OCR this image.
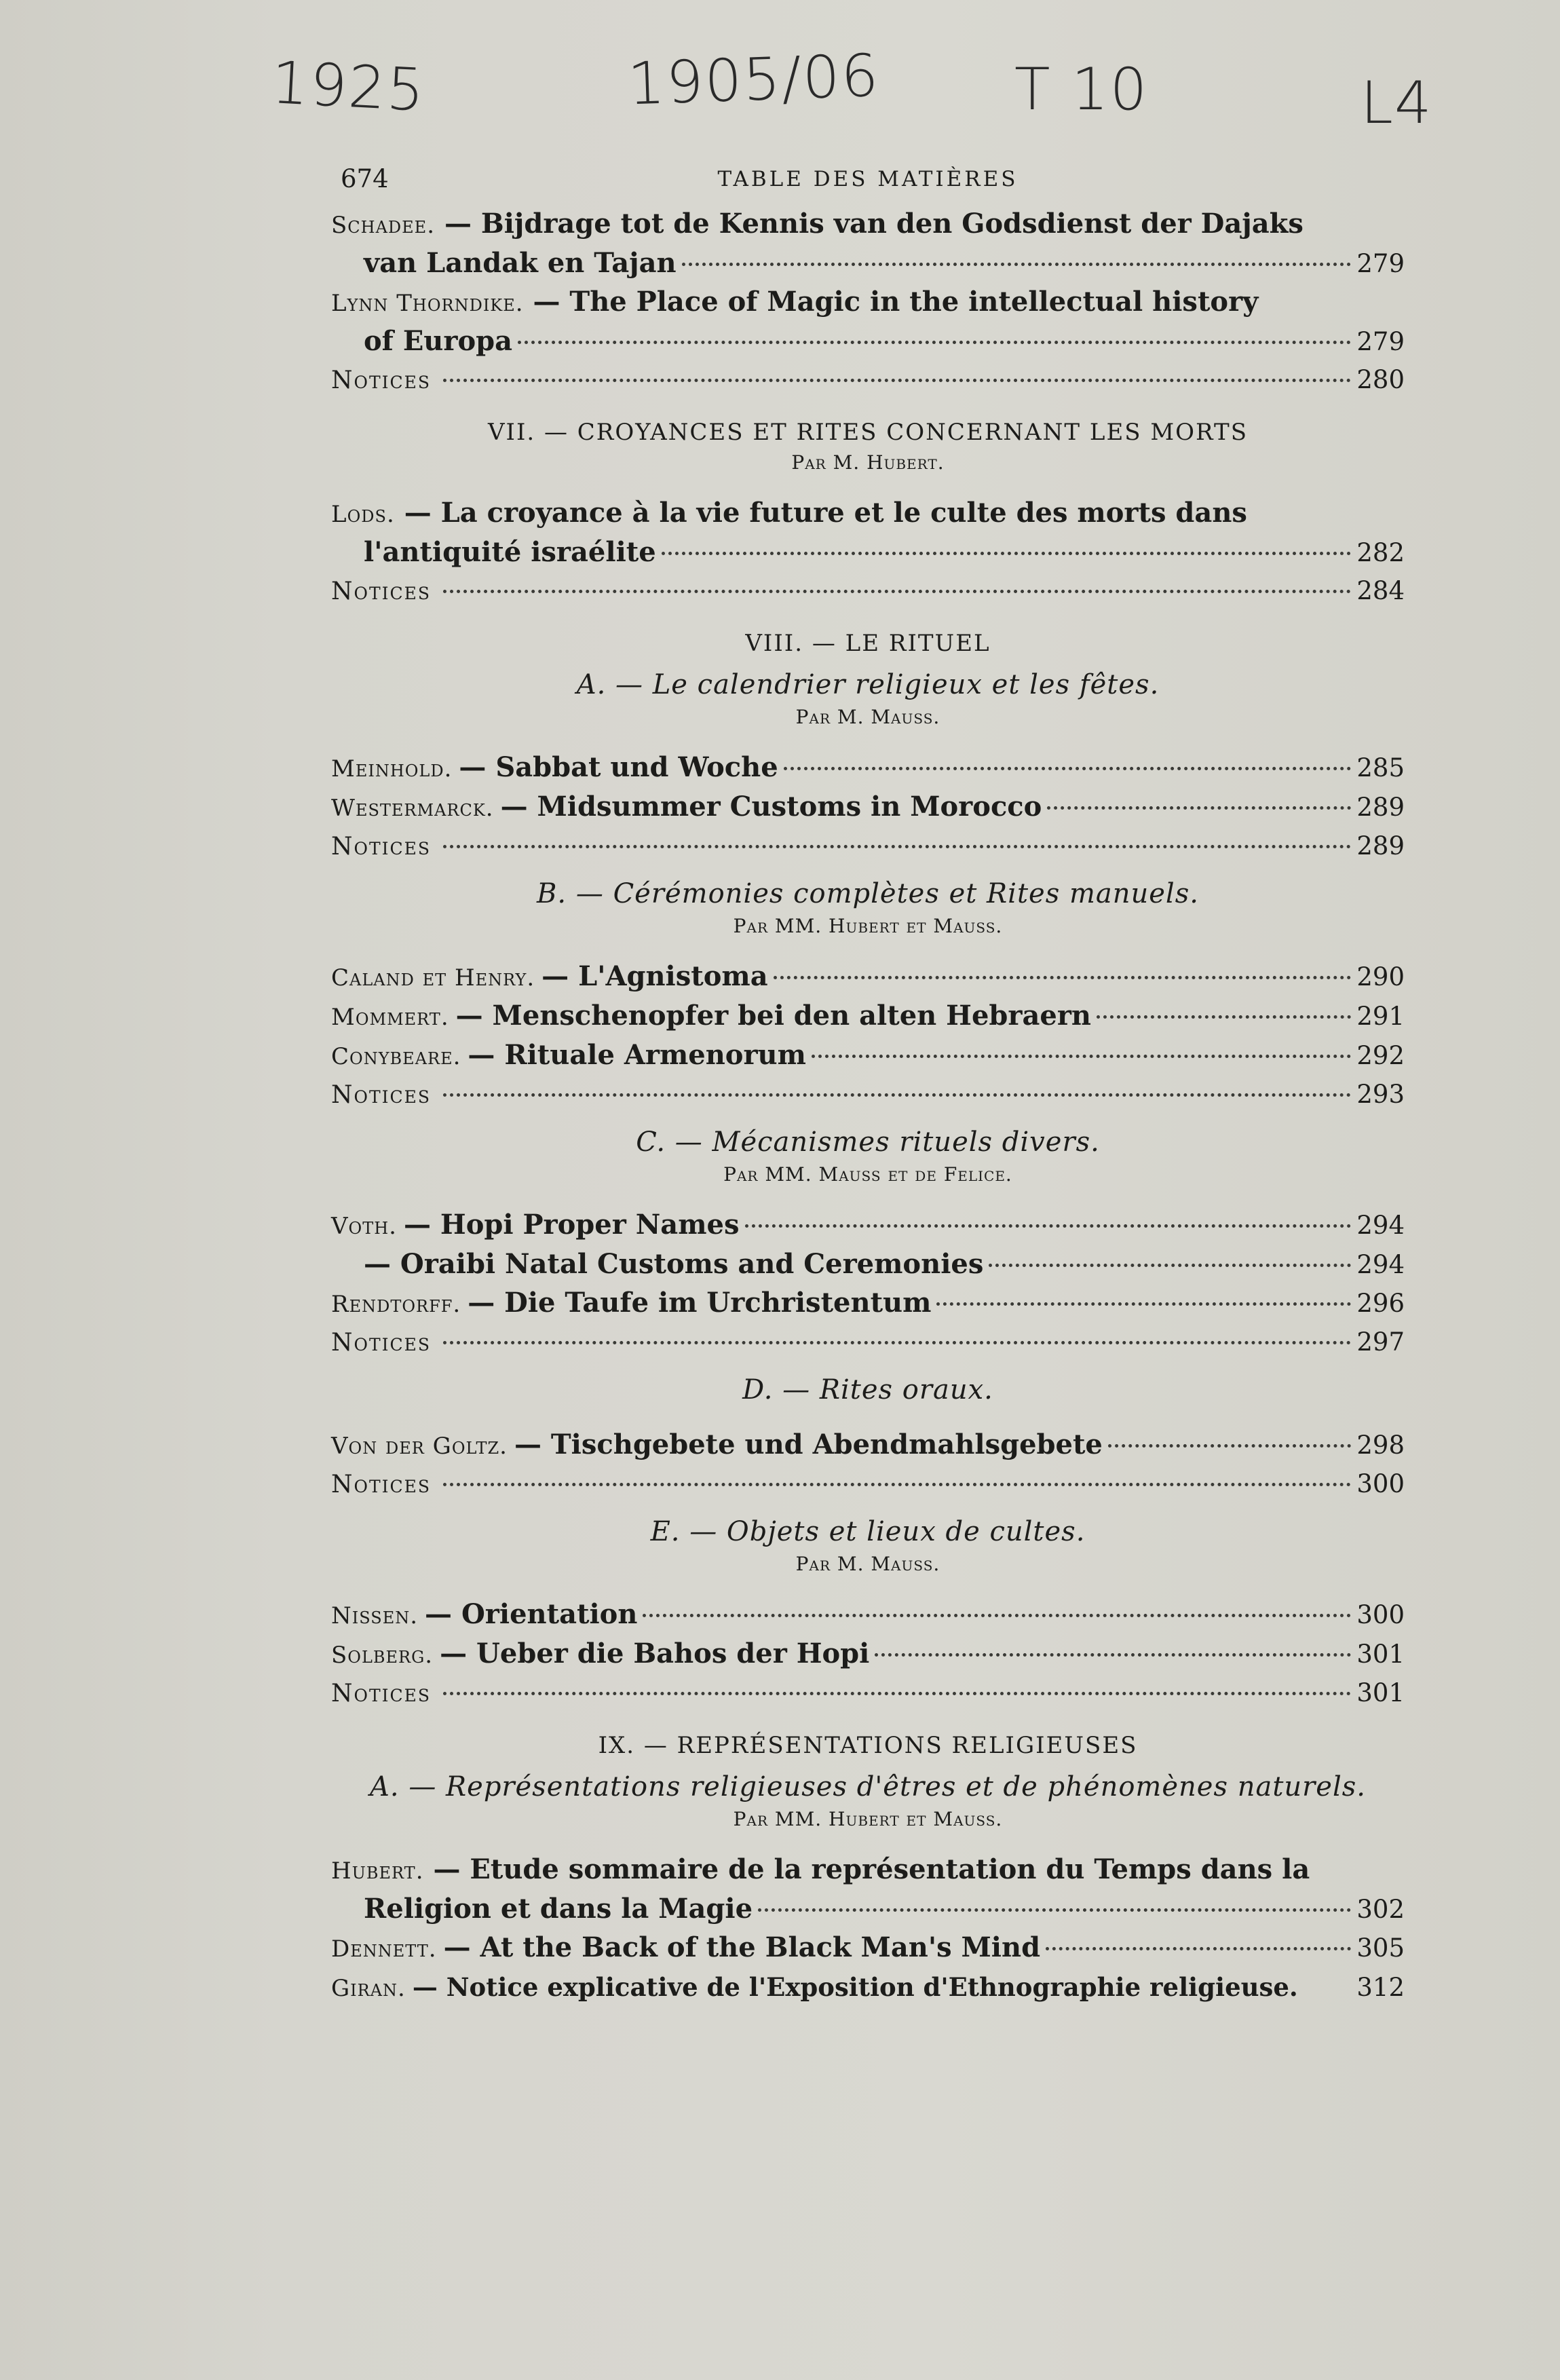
1925	1905/06 T 10	L4
674	TABLE DES MATIÈRES
Schadee. — Bijdrage tot de Kennis van den Godsdienst der Dajaks
van Landak en Tajan	279
Lynn Thorndike. — The Place of Magic in the intellectual history
of Europa	279
Notices	280
VII. — CROYANCES ET RITES CONCERNANT LES MORTS
Par M. Hubert.
Lods. — La croyance à la vie future et le culte des morts dans
l'antiquité israélite	282
Notices	284
VIII. — LE RITUEL
A. — Le calendrier religieux et les fêtes.
Par M. Mauss.
Meinhold. — Sabbat und Woche	285
Westermarck. — Midsummer Customs in Morocco	289
Notices	289
B. — Cérémonies complètes et Rites manuels.
Par MM. Hubert et Mauss.
Caland et Henry. — L'Agnistoma	290
Mommert. — Menschenopfer bei den alten Hebraern	291
Conybeare. — Rituale Armenorum	292
Notices	293
C. — Mécanismes rituels divers.
Par MM. Mauss et de Felice.
Voth. — Hopi Proper Names	294
— Oraibi Natal Customs and Ceremonies	294
Rendtorff. — Die Taufe im Urchristentum	296
Notices	297
D. — Rites oraux.
Von der Goltz. — Tischgebete und Abendmahlsgebete	298
Notices	300
E. — Objets et lieux de cultes.
Par M. Mauss.
Nissen. — Orientation	300
Solberg. — Ueber die Bahos der Hopi	301
Notices	301
IX. — REPRÉSENTATIONS RELIGIEUSES
A. — Représentations religieuses d'êtres et de phénomènes naturels.
Par MM. Hubert et Mauss.
Hubert. — Etude sommaire de la représentation du Temps dans la
Religion et dans la Magie	302
Dennett. — At the Back of the Black Man's Mind	305
Giran. — Notice explicative de l'Exposition d'Ethnographie religieuse. 312
